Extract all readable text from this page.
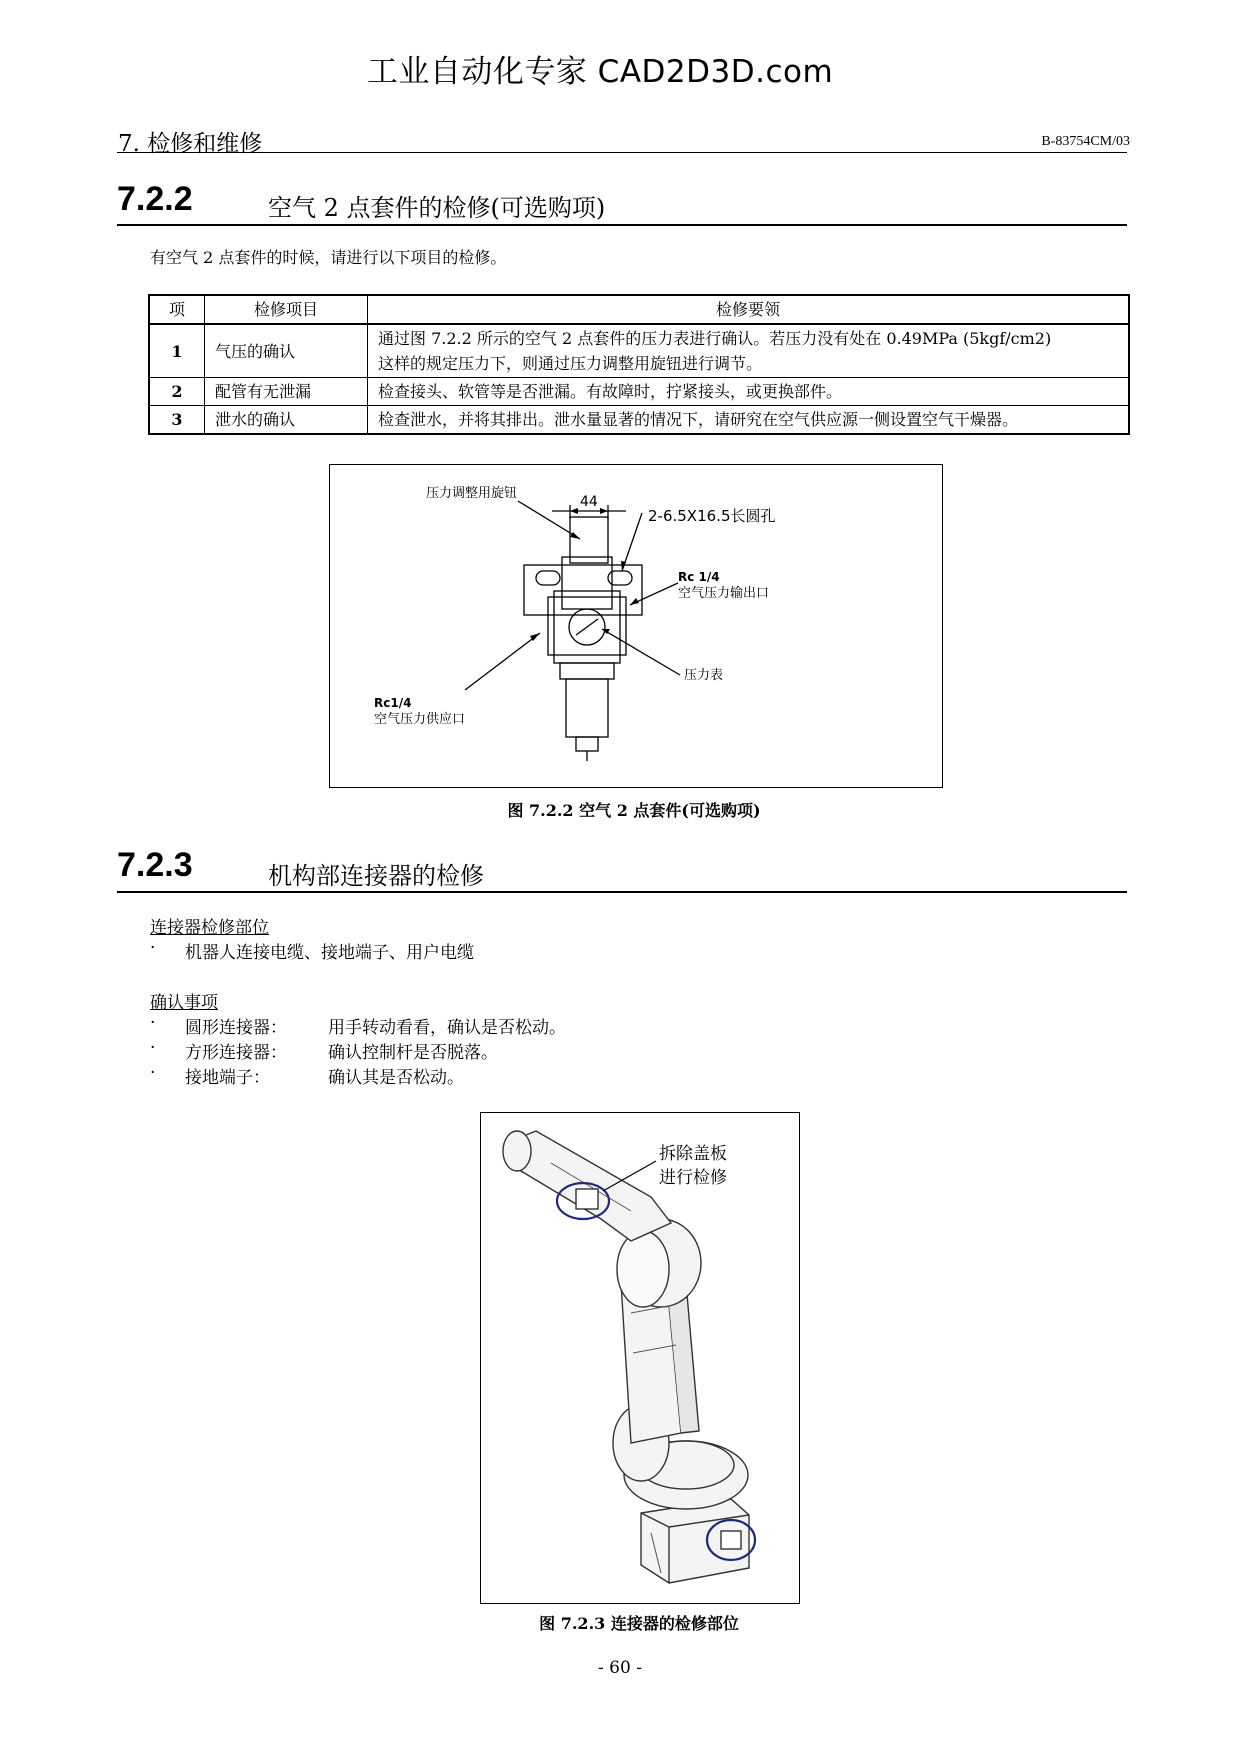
工业自动化专家 CAD2D3D.com
7. 检修和维修	B-83754CM/03
7.2.2	空气 2 点套件的检修(可选购项)
有空气 2 点套件的时候，请进行以下项目的检修。
项	检修项目	检修要领
1	气压的确认	通过图 7.2.2 所示的空气 2 点套件的压力表进行确认。若压力没有处在 0.49MPa (5kgf/cm2)
这样的规定压力下，则通过压力调整用旋钮进行调节。

2	配管有无泄漏	检查接头、软管等是否泄漏。有故障时，拧紧接头，或更换部件。
3	泄水的确认	检查泄水，并将其排出。泄水量显著的情况下，请研究在空气供应源一侧设置空气干燥器。
压力调整用旋钮
44
2-6.5X16.5长圆孔
Rc 1/4
空气压力输出口
压力表
Rc1/4
空气压力供应口
图 7.2.2 空气 2 点套件(可选购项)
7.2.3	机构部连接器的检修
连接器检修部位
· 机器人连接电缆、接地端子、用户电缆
确认事项
· 圆形连接器： 用手转动看看，确认是否松动。
· 方形连接器： 确认控制杆是否脱落。
· 接地端子：	确认其是否松动。
拆除盖板
进行检修
图 7.2.3 连接器的检修部位
- 60 -
